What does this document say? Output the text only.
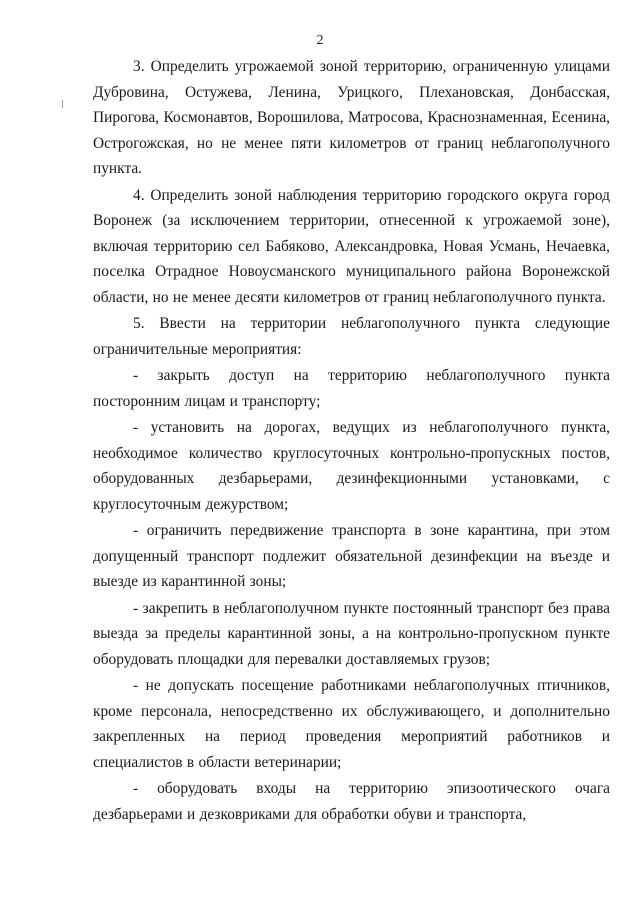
2

3. Определить угрожаемой зоной территорию, ограниченную улицами Дубровина, Остужева, Ленина, Урицкого, Плехановская, Донбасская, Пирогова, Космонавтов, Ворошилова, Матросова, Краснознаменная, Есенина, Острогожская, но не менее пяти километров от границ неблагополучного пункта.

4. Определить зоной наблюдения территорию городского округа город Воронеж (за исключением территории, отнесенной к угрожаемой зоне), включая территорию сел Бабяково, Александровка, Новая Усмань, Нечаевка, поселка Отрадное Новоусманского муниципального района Воронежской области, но не менее десяти километров от границ неблагополучного пункта.

5. Ввести на территории неблагополучного пункта следующие ограничительные мероприятия:

- закрыть доступ на территорию неблагополучного пункта посторонним лицам и транспорту;

- установить на дорогах, ведущих из неблагополучного пункта, необходимое количество круглосуточных контрольно-пропускных постов, оборудованных дезбарьерами, дезинфекционными установками, с круглосуточным дежурством;

- ограничить передвижение транспорта в зоне карантина, при этом допущенный транспорт подлежит обязательной дезинфекции на въезде и выезде из карантинной зоны;

- закрепить в неблагополучном пункте постоянный транспорт без права выезда за пределы карантинной зоны, а на контрольно-пропускном пункте оборудовать площадки для перевалки доставляемых грузов;

- не допускать посещение работниками неблагополучных птичников, кроме персонала, непосредственно их обслуживающего, и дополнительно закрепленных на период проведения мероприятий работников и специалистов в области ветеринарии;

- оборудовать входы на территорию эпизоотического очага дезбарьерами и дезковриками для обработки обуви и транспорта,
